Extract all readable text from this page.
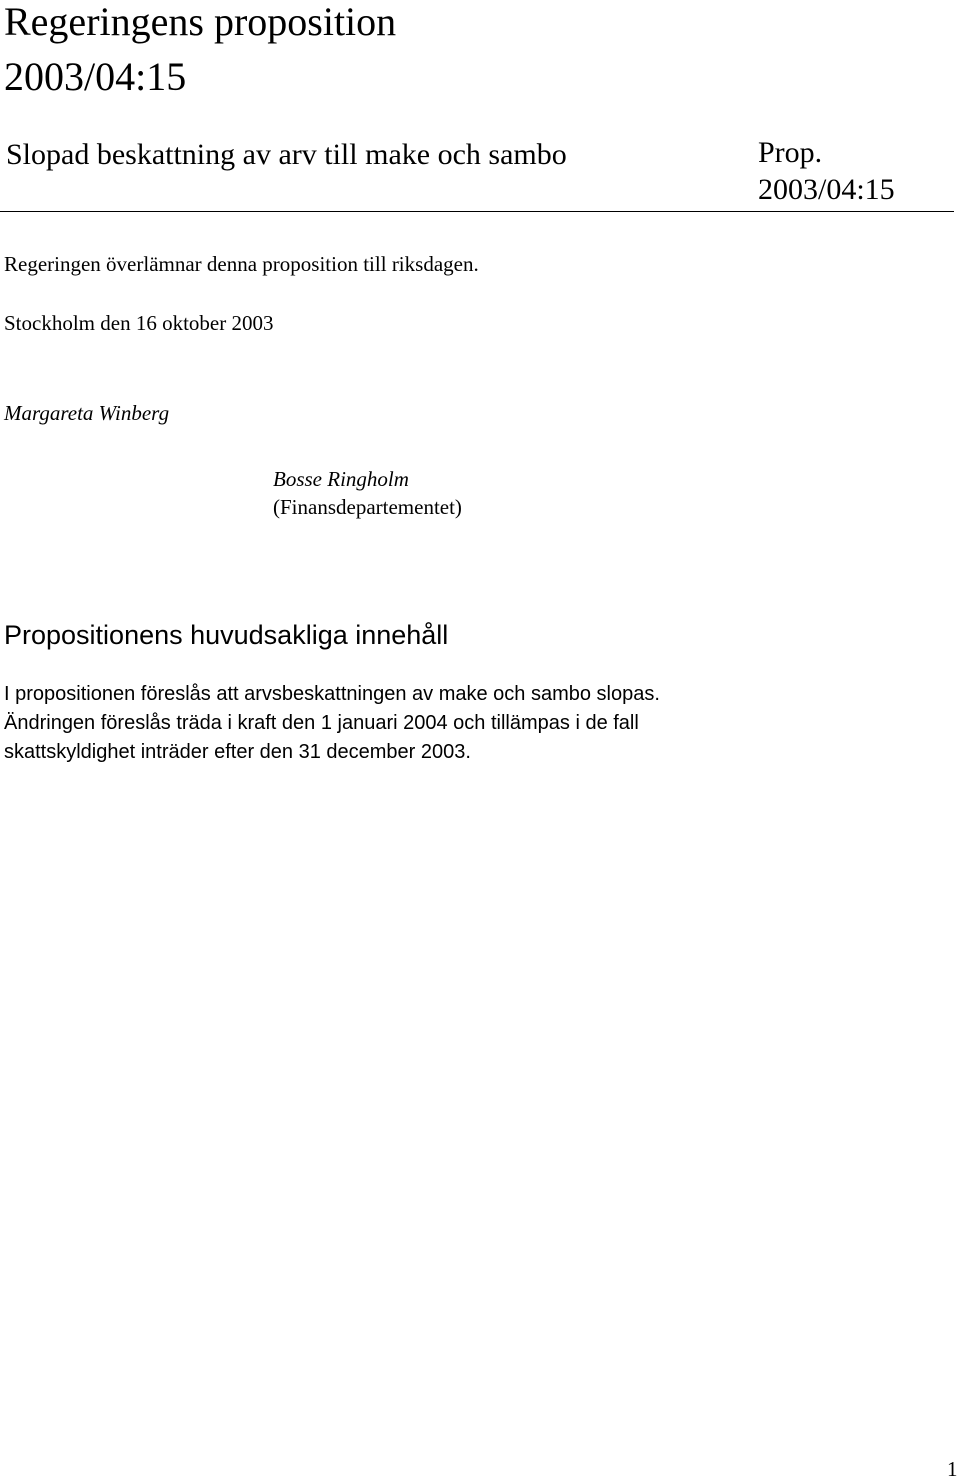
Regeringens proposition
2003/04:15
Slopad beskattning av arv till make och sambo	Prop.
2003/04:15
Regeringen överlämnar denna proposition till riksdagen.
Stockholm den 16 oktober 2003
Margareta Winberg
Bosse Ringholm
(Finansdepartementet)
Propositionens huvudsakliga innehåll
I propositionen föreslås att arvsbeskattningen av make och sambo slopas.
Ändringen föreslås träda i kraft den 1 januari 2004 och tillämpas i de fall
skattskyldighet inträder efter den 31 december 2003.
1
